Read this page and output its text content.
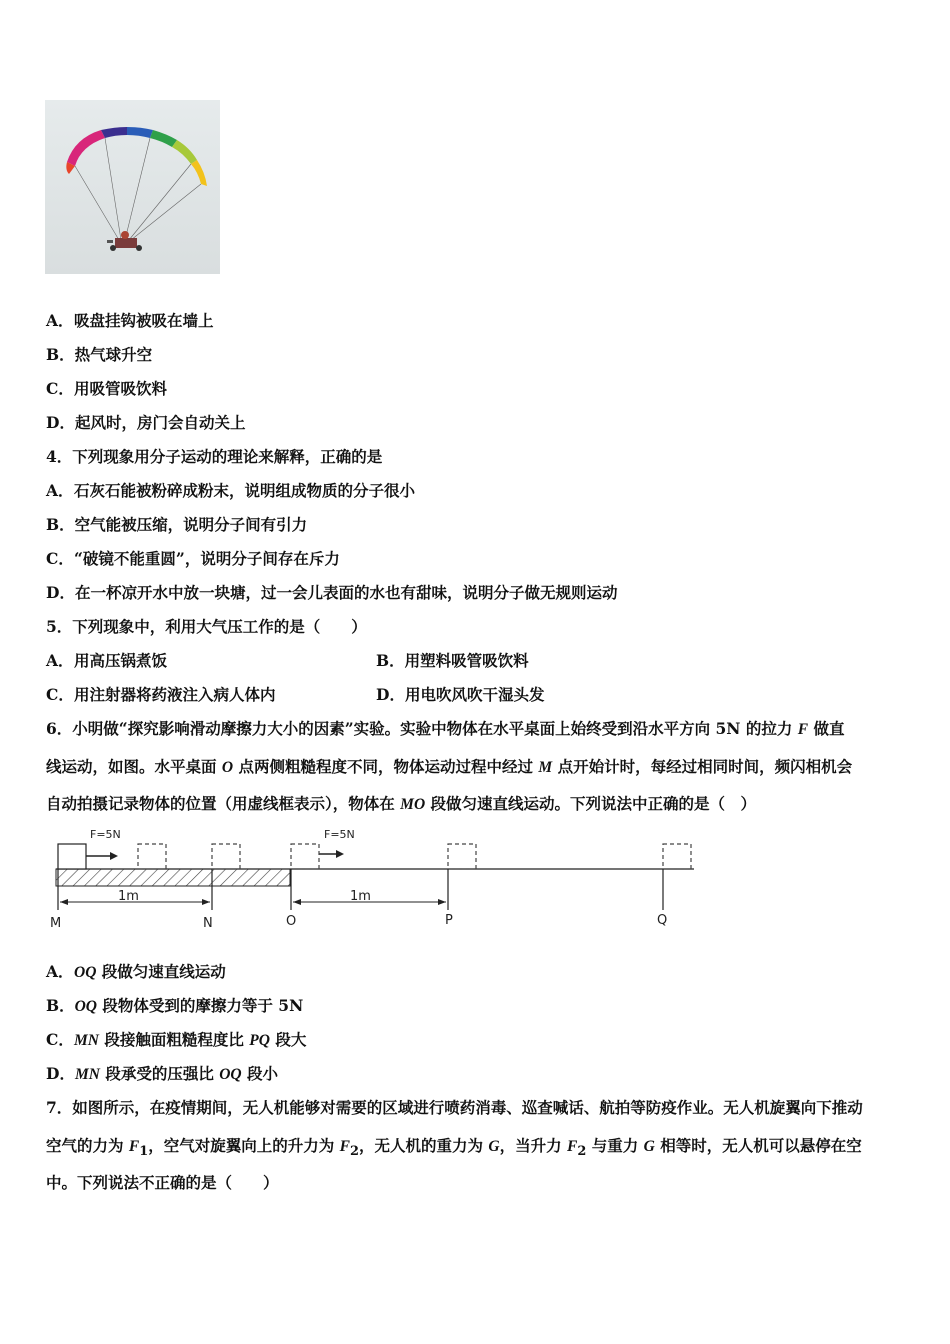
A．吸盘挂钩被吸在墙上
B．热气球升空
C．用吸管吸饮料
D．起风时，房门会自动关上
4．下列现象用分子运动的理论来解释，正确的是
A．石灰石能被粉碎成粉末，说明组成物质的分子很小
B．空气能被压缩，说明分子间有引力
C．“破镜不能重圆”，说明分子间存在斥力
D．在一杯凉开水中放一块塘，过一会儿表面的水也有甜味，说明分子做无规则运动
5．下列现象中，利用大气压工作的是（　　）
A．用高压锅煮饭	B．用塑料吸管吸饮料
C．用注射器将药液注入病人体内	D．用电吹风吹干湿头发
6．小明做“探究影响滑动摩擦力大小的因素”实验。实验中物体在水平桌面上始终受到沿水平方向 5N 的拉力 F 做直
线运动，如图。水平桌面 O 点两侧粗糙程度不同，物体运动过程中经过 M 点开始计时，每经过相同时间，频闪相机会
自动拍摄记录物体的位置（用虚线框表示），物体在 MO 段做匀速直线运动。下列说法中正确的是（　）
F=5N	F=5N
1m	1m
M	N	O	P	Q
A．OQ 段做匀速直线运动
B．OQ 段物体受到的摩擦力等于 5N
C．MN 段接触面粗糙程度比 PQ 段大
D．MN 段承受的压强比 OQ 段小
7．如图所示，在疫情期间，无人机能够对需要的区域进行喷药消毒、巡查喊话、航拍等防疫作业。无人机旋翼向下推动
空气的力为 $F_1$，空气对旋翼向上的升力为 $F_2$，无人机的重力为 G，当升力 $F_2$ 与重力 G 相等时，无人机可以悬停在空
中。下列说法不正确的是（　　）
